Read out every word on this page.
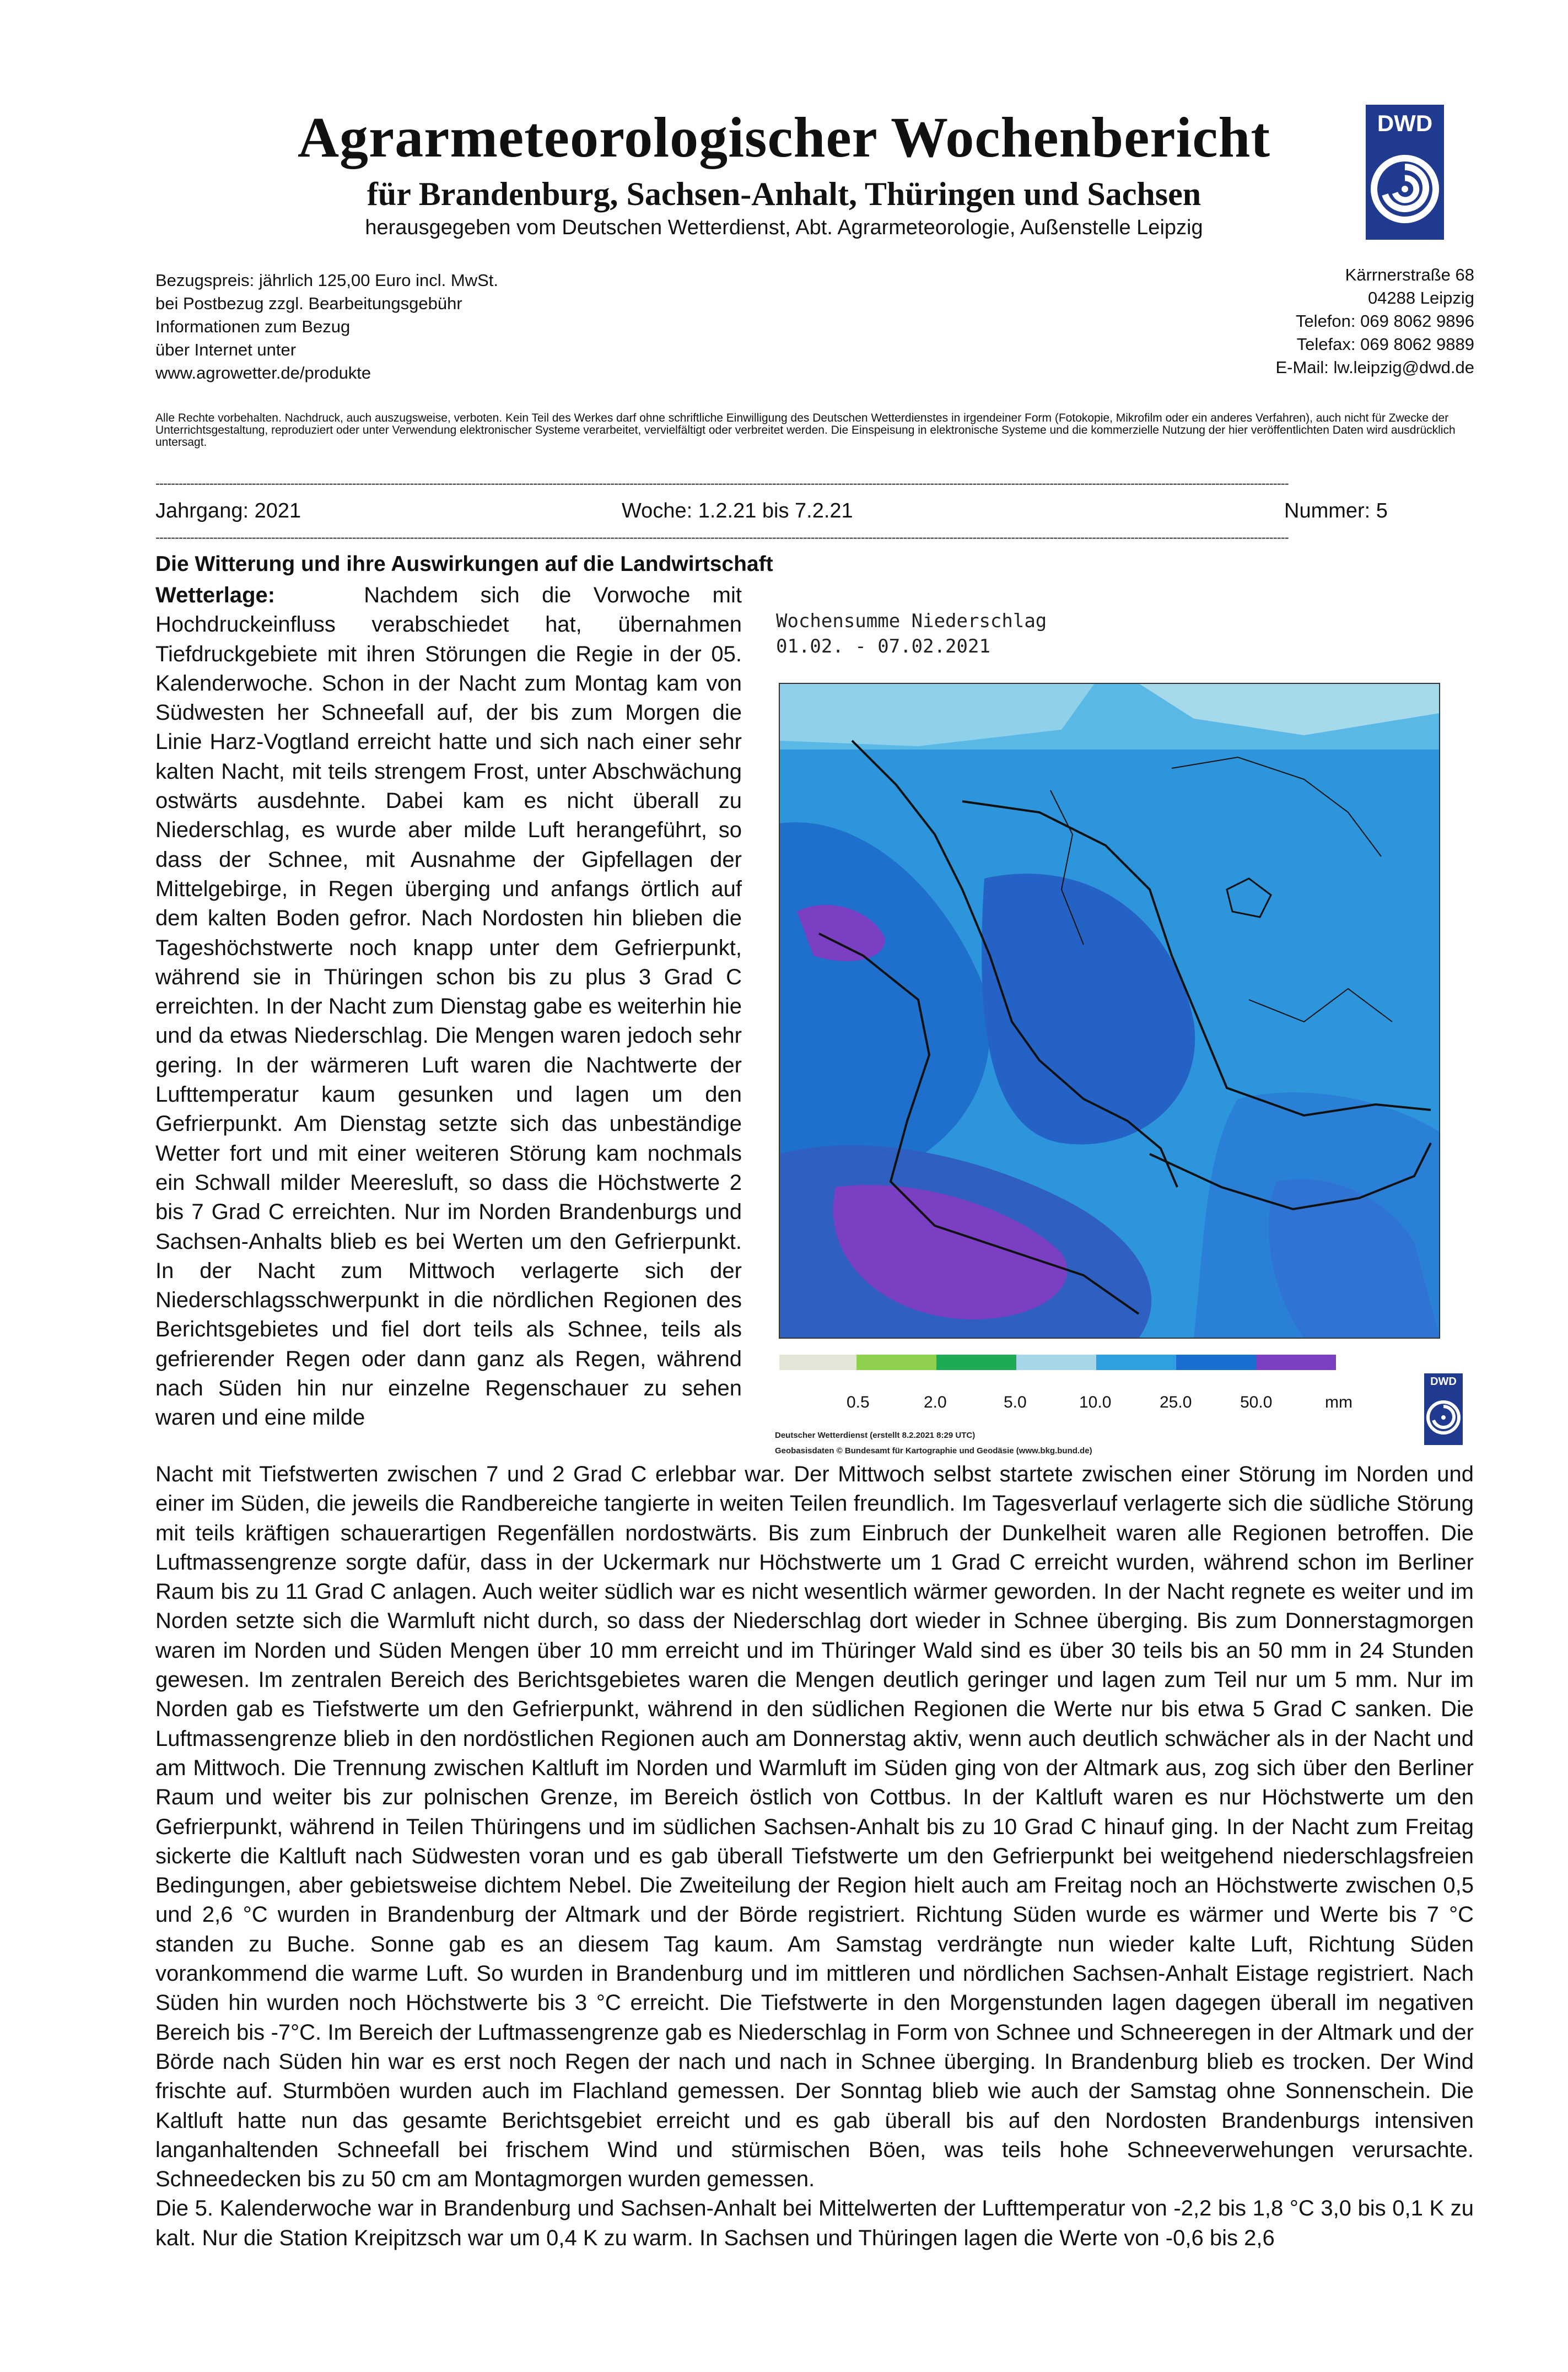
Agrarmeteorologischer Wochenbericht
für Brandenburg, Sachsen-Anhalt, Thüringen und Sachsen
herausgegeben vom Deutschen Wetterdienst, Abt. Agrarmeteorologie, Außenstelle Leipzig
DWD
Bezugspreis: jährlich 125,00 Euro incl. MwSt.
bei Postbezug zzgl. Bearbeitungsgebühr
Informationen zum Bezug
über Internet unter
www.agrowetter.de/produkte
Kärrnerstraße 68
04288 Leipzig
Telefon: 069 8062 9896
Telefax: 069 8062 9889
E-Mail: lw.leipzig@dwd.de
Alle Rechte vorbehalten. Nachdruck, auch auszugsweise, verboten. Kein Teil des Werkes darf ohne schriftliche Einwilligung des Deutschen Wetterdienstes in irgendeiner Form (Fotokopie, Mikrofilm oder ein anderes Verfahren), auch nicht für Zwecke der Unterrichtsgestaltung, reproduziert oder unter Verwendung elektronischer Systeme verarbeitet, vervielfältigt oder verbreitet werden. Die Einspeisung in elektronische Systeme und die kommerzielle Nutzung der hier veröffentlichten Daten wird ausdrücklich untersagt.
------------------------------------------------------------------------------------------------------------------------------------------------------------------------------------------------------------------------------------------------------------------------------------------------------
Jahrgang: 2021	Woche: 1.2.21 bis 7.2.21	Nummer: 5
------------------------------------------------------------------------------------------------------------------------------------------------------------------------------------------------------------------------------------------------------------------------------------------------------
Die Witterung und ihre Auswirkungen auf die Landwirtschaft

Wetterlage:	Nachdem sich die Vorwoche mit Hochdruckeinfluss verabschiedet hat, übernahmen Tiefdruckgebiete mit ihren Störungen die Regie in der 05. Kalenderwoche. Schon in der Nacht zum Montag kam von Südwesten her Schneefall auf, der bis zum Morgen die Linie Harz-Vogtland erreicht hatte und sich nach einer sehr kalten Nacht, mit teils strengem Frost, unter Abschwächung ostwärts ausdehnte. Dabei kam es nicht überall zu Niederschlag, es wurde aber milde Luft herangeführt, so dass der Schnee, mit Ausnahme der Gipfellagen der Mittelgebirge, in Regen überging und anfangs örtlich auf dem kalten Boden gefror. Nach Nordosten hin blieben die Tageshöchstwerte noch knapp unter dem Gefrierpunkt, während sie in Thüringen schon bis zu plus 3 Grad C erreichten. In der Nacht zum Dienstag gabe es weiterhin hie und da etwas Niederschlag. Die Mengen waren jedoch sehr gering. In der wärmeren Luft waren die Nachtwerte der Lufttemperatur kaum gesunken und lagen um den Gefrierpunkt. Am Dienstag setzte sich das unbeständige Wetter fort und mit einer weiteren Störung kam nochmals ein Schwall milder Meeresluft, so dass die Höchstwerte 2 bis 7 Grad C erreichten. Nur im Norden Brandenburgs und Sachsen-Anhalts blieb es bei Werten um den Gefrierpunkt. In der Nacht zum Mittwoch verlagerte sich der Niederschlagsschwerpunkt in die nördlichen Regionen des Berichtsgebietes und fiel dort teils als Schnee, teils als gefrierender Regen oder dann ganz als Regen, während nach Süden hin nur einzelne Regenschauer zu sehen waren und eine milde

Wochensumme Niederschlag
01.02. - 07.02.2021
0.5	2.0	5.0	10.0	25.0	50.0	mm
Deutscher Wetterdienst (erstellt 8.2.2021 8:29 UTC)
Geobasisdaten © Bundesamt für Kartographie und Geodäsie (www.bkg.bund.de)
DWD

Nacht mit Tiefstwerten zwischen 7 und 2 Grad C erlebbar war. Der Mittwoch selbst startete zwischen einer Störung im Norden und einer im Süden, die jeweils die Randbereiche tangierte in weiten Teilen freundlich. Im Tagesverlauf verlagerte sich die südliche Störung mit teils kräftigen schauerartigen Regenfällen nordostwärts. Bis zum Einbruch der Dunkelheit waren alle Regionen betroffen. Die Luftmassengrenze sorgte dafür, dass in der Uckermark nur Höchstwerte um 1 Grad C erreicht wurden, während schon im Berliner Raum bis zu 11 Grad C anlagen. Auch weiter südlich war es nicht wesentlich wärmer geworden. In der Nacht regnete es weiter und im Norden setzte sich die Warmluft nicht durch, so dass der Niederschlag dort wieder in Schnee überging. Bis zum Donnerstagmorgen waren im Norden und Süden Mengen über 10 mm erreicht und im Thüringer Wald sind es über 30 teils bis an 50 mm in 24 Stunden gewesen. Im zentralen Bereich des Berichtsgebietes waren die Mengen deutlich geringer und lagen zum Teil nur um 5 mm. Nur im Norden gab es Tiefstwerte um den Gefrierpunkt, während in den südlichen Regionen die Werte nur bis etwa 5 Grad C sanken. Die Luftmassengrenze blieb in den nordöstlichen Regionen auch am Donnerstag aktiv, wenn auch deutlich schwächer als in der Nacht und am Mittwoch. Die Trennung zwischen Kaltluft im Norden und Warmluft im Süden ging von der Altmark aus, zog sich über den Berliner Raum und weiter bis zur polnischen Grenze, im Bereich östlich von Cottbus. In der Kaltluft waren es nur Höchstwerte um den Gefrierpunkt, während in Teilen Thüringens und im südlichen Sachsen-Anhalt bis zu 10 Grad C hinauf ging. In der Nacht zum Freitag sickerte die Kaltluft nach Südwesten voran und es gab überall Tiefstwerte um den Gefrierpunkt bei weitgehend niederschlagsfreien Bedingungen, aber gebietsweise dichtem Nebel. Die Zweiteilung der Region hielt auch am Freitag noch an Höchstwerte zwischen 0,5 und 2,6 °C wurden in Brandenburg der Altmark und der Börde registriert. Richtung Süden wurde es wärmer und Werte bis 7 °C standen zu Buche. Sonne gab es an diesem Tag kaum. Am Samstag verdrängte nun wieder kalte Luft, Richtung Süden vorankommend die warme Luft. So wurden in Brandenburg und im mittleren und nördlichen Sachsen-Anhalt Eistage registriert. Nach Süden hin wurden noch Höchstwerte bis 3 °C erreicht. Die Tiefstwerte in den Morgenstunden lagen dagegen überall im negativen Bereich bis -7°C. Im Bereich der Luftmassengrenze gab es Niederschlag in Form von Schnee und Schneeregen in der Altmark und der Börde nach Süden hin war es erst noch Regen der nach und nach in Schnee überging. In Brandenburg blieb es trocken. Der Wind frischte auf. Sturmböen wurden auch im Flachland gemessen. Der Sonntag blieb wie auch der Samstag ohne Sonnenschein. Die Kaltluft hatte nun das gesamte Berichtsgebiet erreicht und es gab überall bis auf den Nordosten Brandenburgs intensiven langanhaltenden Schneefall bei frischem Wind und stürmischen Böen, was teils hohe Schneeverwehungen verursachte. Schneedecken bis zu 50 cm am Montagmorgen wurden gemessen.

Die 5. Kalenderwoche war in Brandenburg und Sachsen-Anhalt bei Mittelwerten der Lufttemperatur von -2,2 bis 1,8 °C 3,0 bis 0,1 K zu kalt. Nur die Station Kreipitzsch war um 0,4 K zu warm. In Sachsen und Thüringen lagen die Werte von -0,6 bis 2,6
